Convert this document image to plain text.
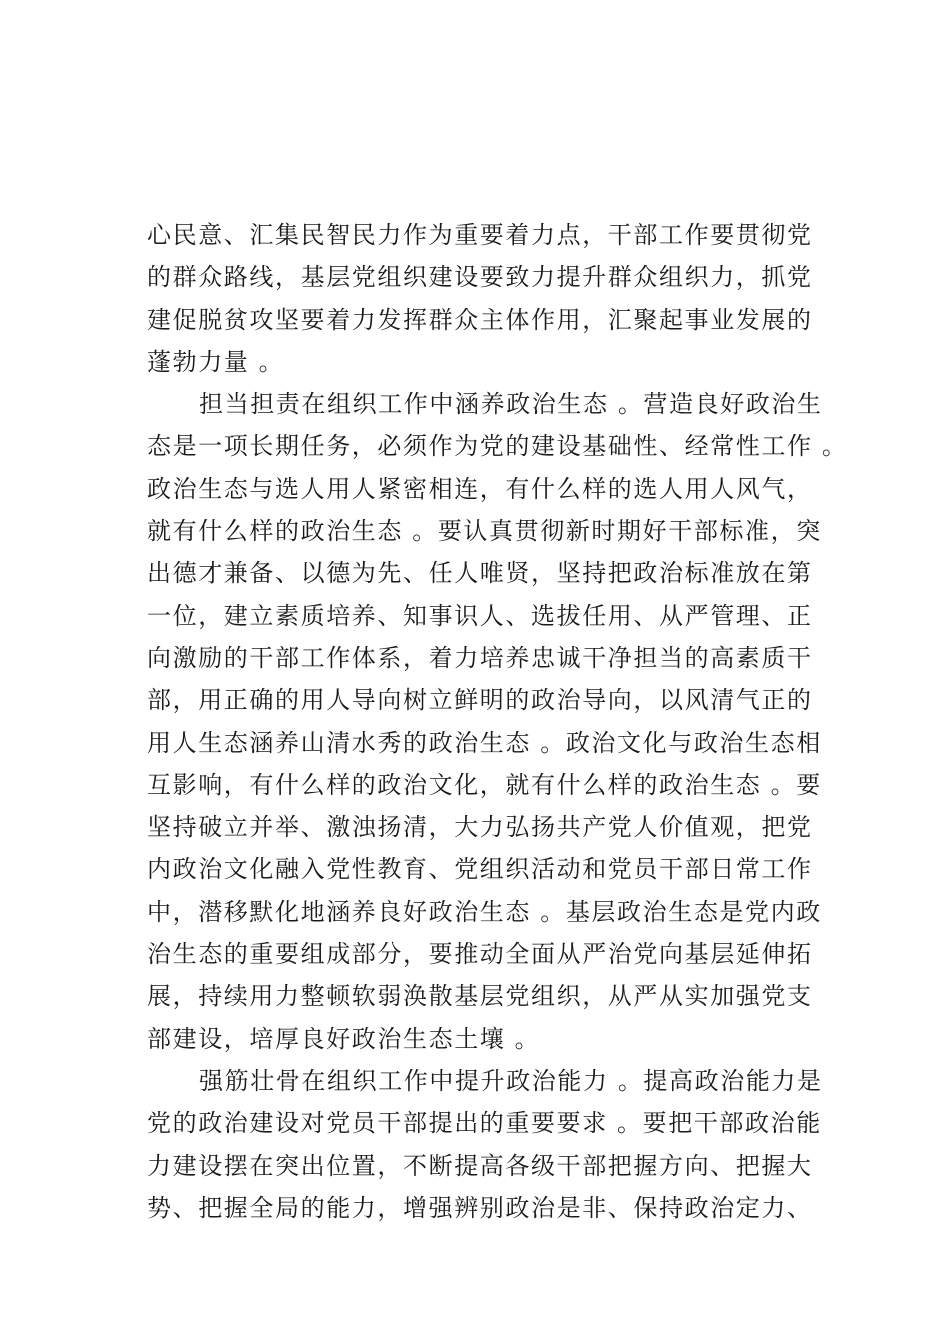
心民意、汇集民智民力作为重要着力点，干部工作要贯彻党
的群众路线，基层党组织建设要致力提升群众组织力，抓党
建促脱贫攻坚要着力发挥群众主体作用，汇聚起事业发展的
蓬勃力量 。
担当担责在组织工作中涵养政治生态 。营造良好政治生
态是一项长期任务，必须作为党的建设基础性、经常性工作 。
政治生态与选人用人紧密相连，有什么样的选人用人风气，
就有什么样的政治生态 。要认真贯彻新时期好干部标准，突
出德才兼备、以德为先、任人唯贤，坚持把政治标准放在第
一位，建立素质培养、知事识人、选拔任用、从严管理、正
向激励的干部工作体系，着力培养忠诚干净担当的高素质干
部，用正确的用人导向树立鲜明的政治导向，以风清气正的
用人生态涵养山清水秀的政治生态 。政治文化与政治生态相
互影响，有什么样的政治文化，就有什么样的政治生态 。要
坚持破立并举、激浊扬清，大力弘扬共产党人价值观，把党
内政治文化融入党性教育、党组织活动和党员干部日常工作
中，潜移默化地涵养良好政治生态 。基层政治生态是党内政
治生态的重要组成部分，要推动全面从严治党向基层延伸拓
展，持续用力整顿软弱涣散基层党组织，从严从实加强党支
部建设，培厚良好政治生态土壤 。
强筋壮骨在组织工作中提升政治能力 。提高政治能力是
党的政治建设对党员干部提出的重要要求 。要把干部政治能
力建设摆在突出位置，不断提高各级干部把握方向、把握大
势、把握全局的能力，增强辨别政治是非、保持政治定力、
